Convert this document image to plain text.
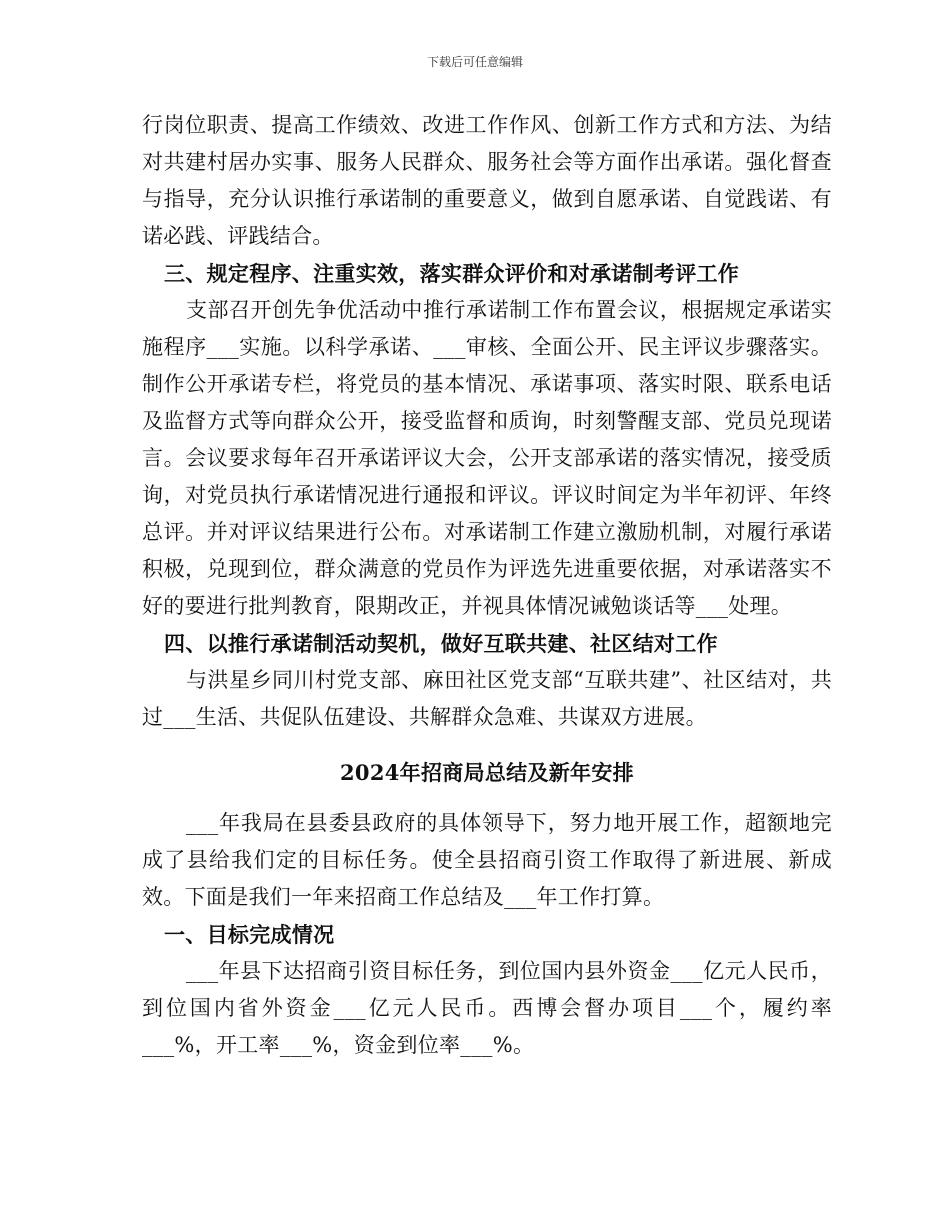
下载后可任意编辑

行岗位职责、提高工作绩效、改进工作作风、创新工作方式和方法、为结对共建村居办实事、服务人民群众、服务社会等方面作出承诺。强化督查与指导，充分认识推行承诺制的重要意义，做到自愿承诺、自觉践诺、有诺必践、评践结合。

三、规定程序、注重实效，落实群众评价和对承诺制考评工作

支部召开创先争优活动中推行承诺制工作布置会议，根据规定承诺实施程序___实施。以科学承诺、___审核、全面公开、民主评议步骤落实。制作公开承诺专栏，将党员的基本情况、承诺事项、落实时限、联系电话及监督方式等向群众公开，接受监督和质询，时刻警醒支部、党员兑现诺言。会议要求每年召开承诺评议大会，公开支部承诺的落实情况，接受质询，对党员执行承诺情况进行通报和评议。评议时间定为半年初评、年终总评。并对评议结果进行公布。对承诺制工作建立激励机制，对履行承诺积极，兑现到位，群众满意的党员作为评选先进重要依据，对承诺落实不好的要进行批判教育，限期改正，并视具体情况诫勉谈话等___处理。

四、以推行承诺制活动契机，做好互联共建、社区结对工作

与洪星乡同川村党支部、麻田社区党支部“互联共建”、社区结对，共过___生活、共促队伍建设、共解群众急难、共谋双方进展。

2024年招商局总结及新年安排

___年我局在县委县政府的具体领导下，努力地开展工作，超额地完成了县给我们定的目标任务。使全县招商引资工作取得了新进展、新成效。下面是我们一年来招商工作总结及___年工作打算。

一、目标完成情况

___年县下达招商引资目标任务，到位国内县外资金___亿元人民币，到位国内省外资金___亿元人民币。西博会督办项目___个，履约率___%，开工率___%，资金到位率___%。
